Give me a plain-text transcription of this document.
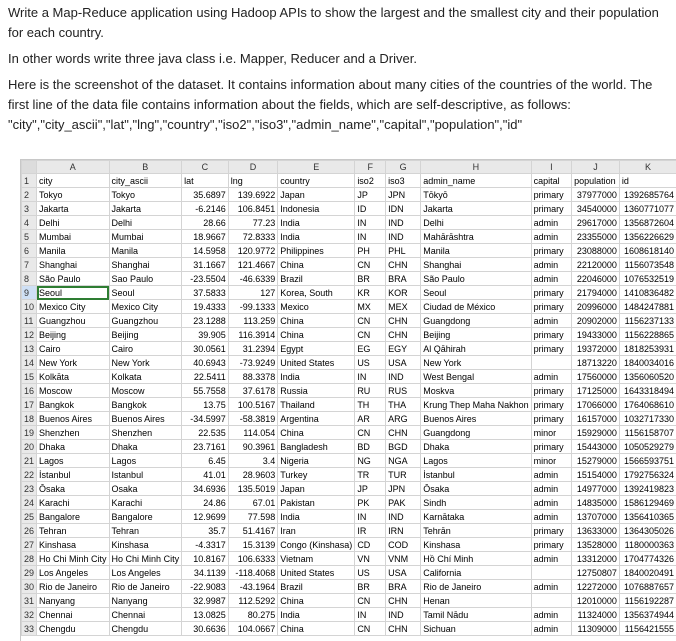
Write a Map-Reduce application using Hadoop APIs to show the largest and the smallest city and their population for each country.

In other words write three java class i.e. Mapper, Reducer and a Driver.

Here is the screenshot of the dataset. It contains information about many cities of the countries of the world. The first line of the data file contains information about the fields, which are self-descriptive, as follows: "city","city_ascii","lat","lng","country","iso2","iso3","admin_name","capital","population","id"

	A	B	C	D	E	F	G	H	I	J	K
1	city	city_ascii	lat	lng	country	iso2	iso3	admin_name	capital	population	id
2	Tokyo	Tokyo	35.6897	139.6922	Japan	JP	JPN	Tōkyō	primary	37977000	1392685764
3	Jakarta	Jakarta	-6.2146	106.8451	Indonesia	ID	IDN	Jakarta	primary	34540000	1360771077
4	Delhi	Delhi	28.66	77.23	India	IN	IND	Delhi	admin	29617000	1356872604
5	Mumbai	Mumbai	18.9667	72.8333	India	IN	IND	Mahārāshtra	admin	23355000	1356226629
6	Manila	Manila	14.5958	120.9772	Philippines	PH	PHL	Manila	primary	23088000	1608618140
7	Shanghai	Shanghai	31.1667	121.4667	China	CN	CHN	Shanghai	admin	22120000	1156073548
8	São Paulo	Sao Paulo	-23.5504	-46.6339	Brazil	BR	BRA	São Paulo	admin	22046000	1076532519
9	Seoul	Seoul	37.5833	127	Korea, South	KR	KOR	Seoul	primary	21794000	1410836482
10	Mexico City	Mexico City	19.4333	-99.1333	Mexico	MX	MEX	Ciudad de México	primary	20996000	1484247881
11	Guangzhou	Guangzhou	23.1288	113.259	China	CN	CHN	Guangdong	admin	20902000	1156237133
12	Beijing	Beijing	39.905	116.3914	China	CN	CHN	Beijing	primary	19433000	1156228865
13	Cairo	Cairo	30.0561	31.2394	Egypt	EG	EGY	Al Qāhirah	primary	19372000	1818253931
14	New York	New York	40.6943	-73.9249	United States	US	USA	New York		18713220	1840034016
15	Kolkāta	Kolkata	22.5411	88.3378	India	IN	IND	West Bengal	admin	17560000	1356060520
16	Moscow	Moscow	55.7558	37.6178	Russia	RU	RUS	Moskva	primary	17125000	1643318494
17	Bangkok	Bangkok	13.75	100.5167	Thailand	TH	THA	Krung Thep Maha Nakhon	primary	17066000	1764068610
18	Buenos Aires	Buenos Aires	-34.5997	-58.3819	Argentina	AR	ARG	Buenos Aires	primary	16157000	1032717330
19	Shenzhen	Shenzhen	22.535	114.054	China	CN	CHN	Guangdong	minor	15929000	1156158707
20	Dhaka	Dhaka	23.7161	90.3961	Bangladesh	BD	BGD	Dhaka	primary	15443000	1050529279
21	Lagos	Lagos	6.45	3.4	Nigeria	NG	NGA	Lagos	minor	15279000	1566593751
22	İstanbul	Istanbul	41.01	28.9603	Turkey	TR	TUR	İstanbul	admin	15154000	1792756324
23	Ōsaka	Osaka	34.6936	135.5019	Japan	JP	JPN	Ōsaka	admin	14977000	1392419823
24	Karachi	Karachi	24.86	67.01	Pakistan	PK	PAK	Sindh	admin	14835000	1586129469
25	Bangalore	Bangalore	12.9699	77.598	India	IN	IND	Karnātaka	admin	13707000	1356410365
26	Tehran	Tehran	35.7	51.4167	Iran	IR	IRN	Tehrān	primary	13633000	1364305026
27	Kinshasa	Kinshasa	-4.3317	15.3139	Congo (Kinshasa)	CD	COD	Kinshasa	primary	13528000	1180000363
28	Ho Chi Minh City	Ho Chi Minh City	10.8167	106.6333	Vietnam	VN	VNM	Hồ Chí Minh	admin	13312000	1704774326
29	Los Angeles	Los Angeles	34.1139	-118.4068	United States	US	USA	California		12750807	1840020491
30	Rio de Janeiro	Rio de Janeiro	-22.9083	-43.1964	Brazil	BR	BRA	Rio de Janeiro	admin	12272000	1076887657
31	Nanyang	Nanyang	32.9987	112.5292	China	CN	CHN	Henan		12010000	1156192287
32	Chennai	Chennai	13.0825	80.275	India	IN	IND	Tamil Nādu	admin	11324000	1356374944
33	Chengdu	Chengdu	30.6636	104.0667	China	CN	CHN	Sichuan	admin	11309000	1156421555
